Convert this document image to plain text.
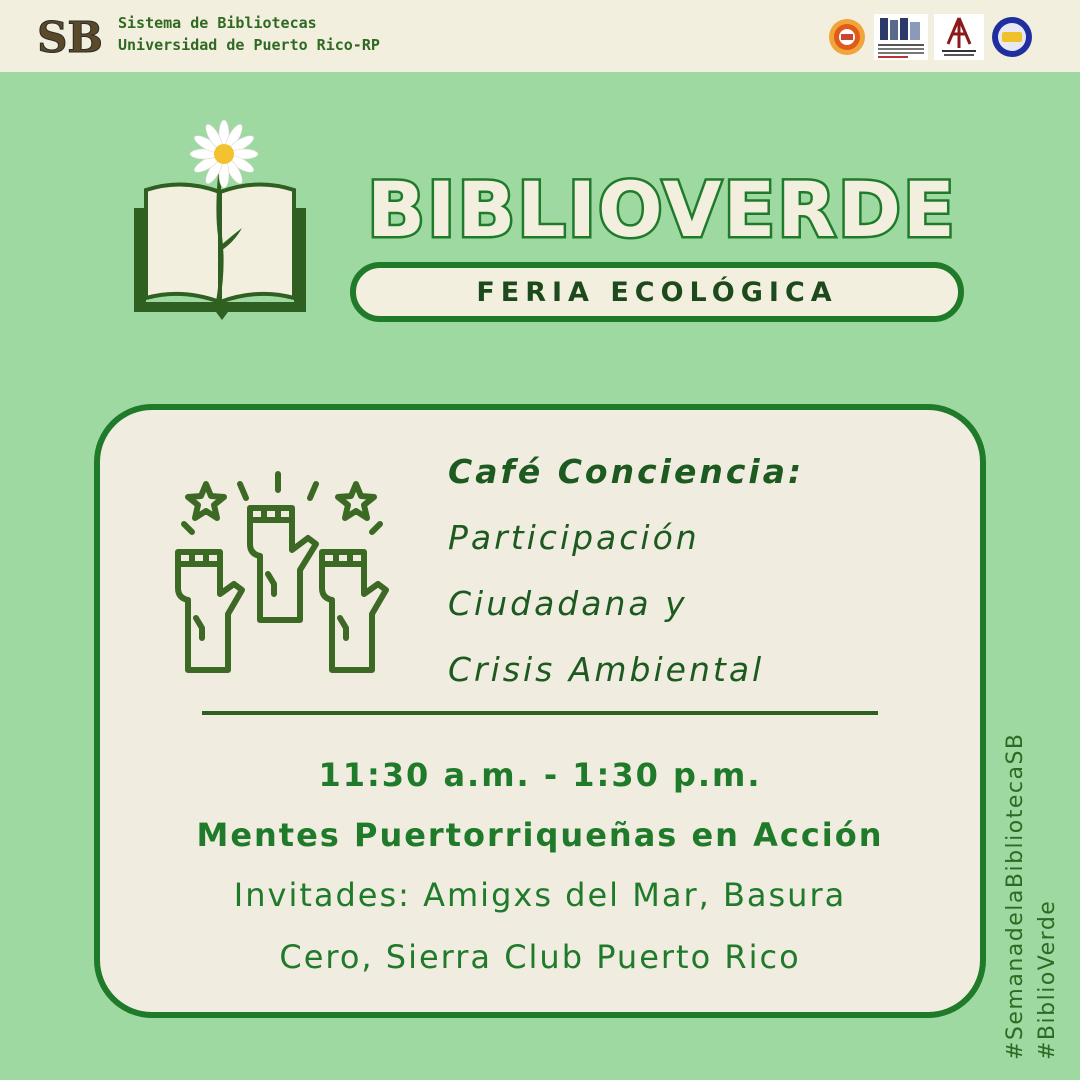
SB Sistema de Bibliotecas
Universidad de Puerto Rico-RP
BIBLIOVERDE
FERIA ECOLÓGICA
Café Conciencia:
Participación
Ciudadana y
Crisis Ambiental
11:30 a.m. - 1:30 p.m.
Mentes Puertorriqueñas en Acción
Invitades: Amigxs del Mar, Basura
Cero, Sierra Club Puerto Rico	#SemanadelaBibliotecaSB #BiblioVerde
